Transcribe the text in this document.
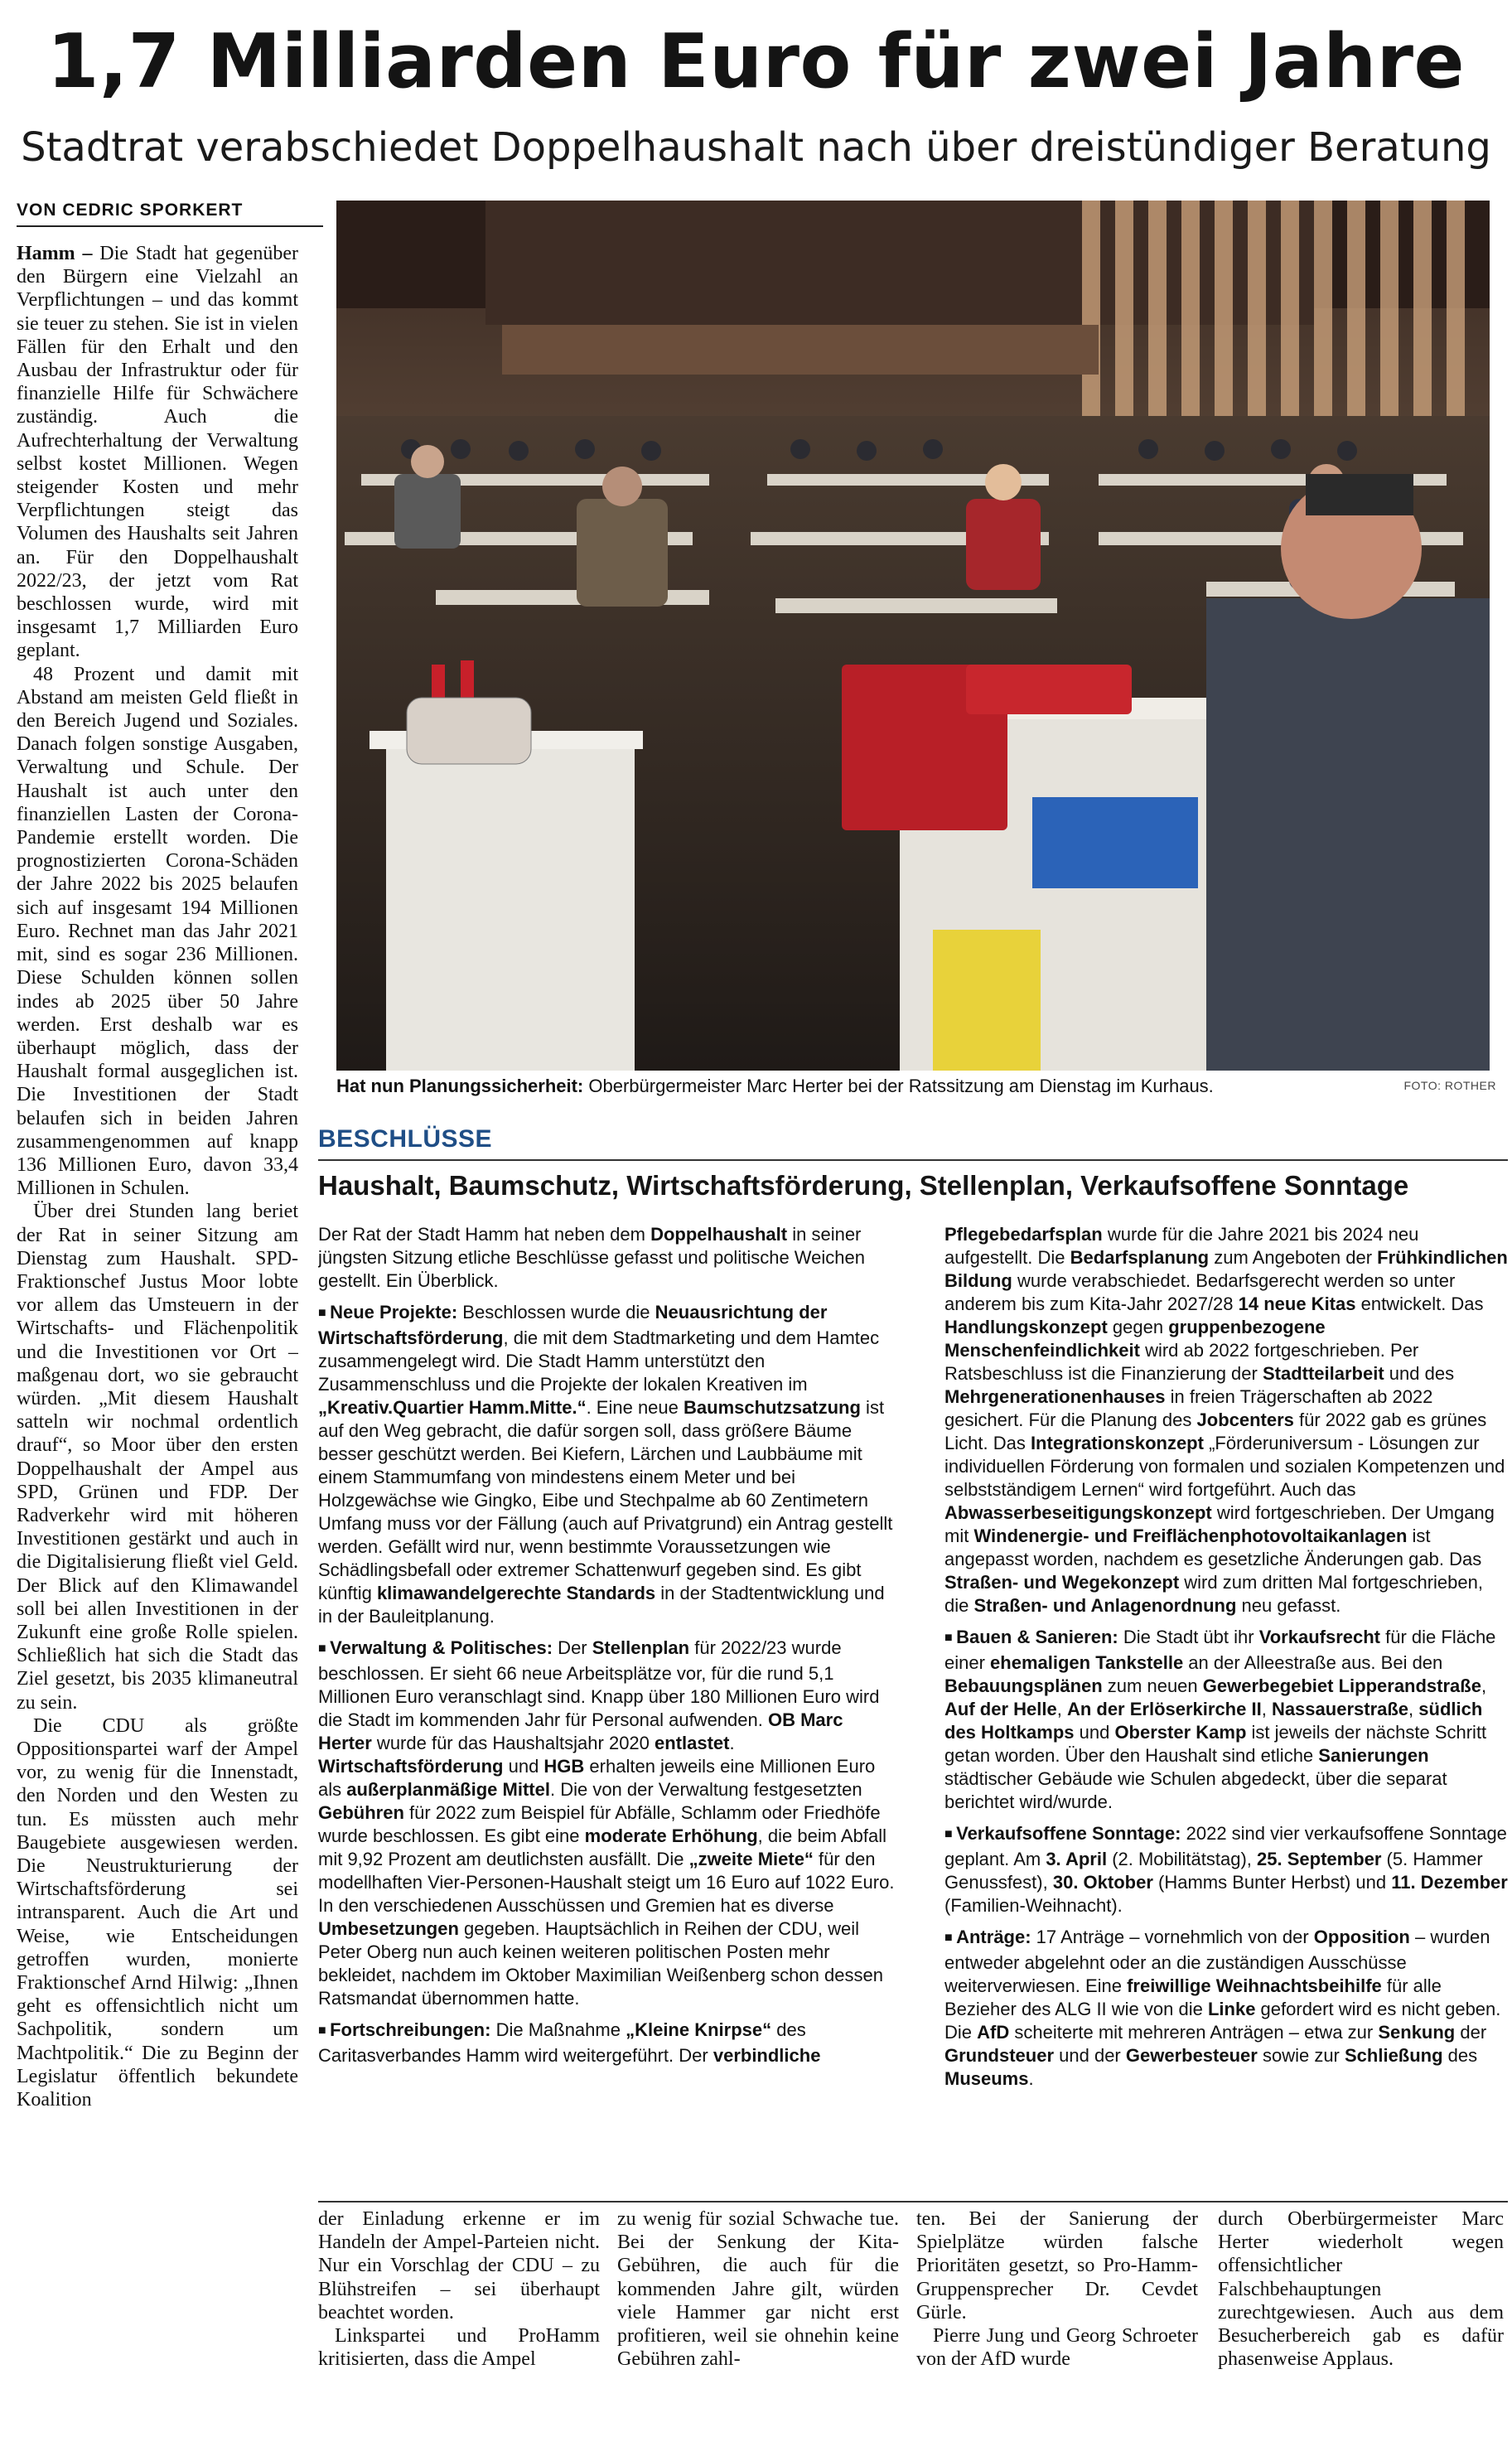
1,7 Milliarden Euro für zwei Jahre
Stadtrat verabschiedet Doppelhaushalt nach über dreistündiger Beratung
VON CEDRIC SPORKERT

Hamm – Die Stadt hat gegenüber den Bürgern eine Vielzahl an Verpflichtungen – und das kommt sie teuer zu stehen. Sie ist in vielen Fällen für den Erhalt und den Ausbau der Infrastruktur oder für finanzielle Hilfe für Schwächere zuständig. Auch die Aufrechterhaltung der Verwaltung selbst kostet Millionen. Wegen steigender Kosten und mehr Verpflichtungen steigt das Volumen des Haushalts seit Jahren an. Für den Doppelhaushalt 2022/23, der jetzt vom Rat beschlossen wurde, wird mit insgesamt 1,7 Milliarden Euro geplant.

48 Prozent und damit mit Abstand am meisten Geld fließt in den Bereich Jugend und Soziales. Danach folgen sonstige Ausgaben, Verwaltung und Schule. Der Haushalt ist auch unter den finanziellen Lasten der Corona-Pandemie erstellt worden. Die prognostizierten Corona-Schäden der Jahre 2022 bis 2025 belaufen sich auf insgesamt 194 Millionen Euro. Rechnet man das Jahr 2021 mit, sind es sogar 236 Millionen. Diese Schulden können sollen indes ab 2025 über 50 Jahre werden. Erst deshalb war es überhaupt möglich, dass der Haushalt formal ausgeglichen ist. Die Investitionen der Stadt belaufen sich in beiden Jahren zusammengenommen auf knapp 136 Millionen Euro, davon 33,4 Millionen in Schulen.

Über drei Stunden lang beriet der Rat in seiner Sitzung am Dienstag zum Haushalt. SPD-Fraktionschef Justus Moor lobte vor allem das Umsteuern in der Wirtschafts- und Flächenpolitik und die Investitionen vor Ort – maßgenau dort, wo sie gebraucht würden. „Mit diesem Haushalt satteln wir nochmal ordentlich drauf“, so Moor über den ersten Doppelhaushalt der Ampel aus SPD, Grünen und FDP. Der Radverkehr wird mit höheren Investitionen gestärkt und auch in die Digitalisierung fließt viel Geld. Der Blick auf den Klimawandel soll bei allen Investitionen in der Zukunft eine große Rolle spielen. Schließlich hat sich die Stadt das Ziel gesetzt, bis 2035 klimaneutral zu sein.

Die CDU als größte Oppositionspartei warf der Ampel vor, zu wenig für die Innenstadt, den Norden und den Westen zu tun. Es müssten auch mehr Baugebiete ausgewiesen werden. Die Neustrukturierung der Wirtschaftsförderung sei intransparent. Auch die Art und Weise, wie Entscheidungen getroffen wurden, monierte Fraktionschef Arnd Hilwig: „Ihnen geht es offensichtlich nicht um Sachpolitik, sondern um Machtpolitik.“ Die zu Beginn der Legislatur öffentlich bekundete Koalition

Hat nun Planungssicherheit: Oberbürgermeister Marc Herter bei der Ratssitzung am Dienstag im Kurhaus.	FOTO: ROTHER
BESCHLÜSSE
Haushalt, Baumschutz, Wirtschaftsförderung, Stellenplan, Verkaufsoffene Sonntage

Der Rat der Stadt Hamm hat neben dem Doppelhaushalt in seiner jüngsten Sitzung etliche Beschlüsse gefasst und politische Weichen gestellt. Ein Überblick.

■ Neue Projekte: Beschlossen wurde die Neuausrichtung der Wirtschaftsförderung, die mit dem Stadtmarketing und dem Hamtec zusammengelegt wird. Die Stadt Hamm unterstützt den Zusammenschluss und die Projekte der lokalen Kreativen im „Kreativ.Quartier Hamm.Mitte.“. Eine neue Baumschutzsatzung ist auf den Weg gebracht, die dafür sorgen soll, dass größere Bäume besser geschützt werden. Bei Kiefern, Lärchen und Laubbäume mit einem Stammumfang von mindestens einem Meter und bei Holzgewächse wie Gingko, Eibe und Stechpalme ab 60 Zentimetern Umfang muss vor der Fällung (auch auf Privatgrund) ein Antrag gestellt werden. Gefällt wird nur, wenn bestimmte Voraussetzungen wie Schädlingsbefall oder extremer Schattenwurf gegeben sind. Es gibt künftig klimawandelgerechte Standards in der Stadtentwicklung und in der Bauleitplanung.

■ Verwaltung & Politisches: Der Stellenplan für 2022/23 wurde beschlossen. Er sieht 66 neue Arbeitsplätze vor, für die rund 5,1 Millionen Euro veranschlagt sind. Knapp über 180 Millionen Euro wird die Stadt im kommenden Jahr für Personal aufwenden. OB Marc Herter wurde für das Haushaltsjahr 2020 entlastet. Wirtschaftsförderung und HGB erhalten jeweils eine Millionen Euro als außerplanmäßige Mittel. Die von der Verwaltung festgesetzten Gebühren für 2022 zum Beispiel für Abfälle, Schlamm oder Friedhöfe wurde beschlossen. Es gibt eine moderate Erhöhung, die beim Abfall mit 9,92 Prozent am deutlichsten ausfällt. Die „zweite Miete“ für den modellhaften Vier-Personen-Haushalt steigt um 16 Euro auf 1022 Euro. In den verschiedenen Ausschüssen und Gremien hat es diverse Umbesetzungen gegeben. Hauptsächlich in Reihen der CDU, weil Peter Oberg nun auch keinen weiteren politischen Posten mehr bekleidet, nachdem im Oktober Maximilian Weißenberg schon dessen Ratsmandat übernommen hatte.

■ Fortschreibungen: Die Maßnahme „Kleine Knirpse“ des Caritasverbandes Hamm wird weitergeführt. Der verbindliche

Pflegebedarfsplan wurde für die Jahre 2021 bis 2024 neu aufgestellt. Die Bedarfsplanung zum Angeboten der Frühkindlichen Bildung wurde verabschiedet. Bedarfsgerecht werden so unter anderem bis zum Kita-Jahr 2027/28 14 neue Kitas entwickelt. Das Handlungskonzept gegen gruppenbezogene Menschenfeindlichkeit wird ab 2022 fortgeschrieben. Per Ratsbeschluss ist die Finanzierung der Stadtteilarbeit und des Mehrgenerationenhauses in freien Trägerschaften ab 2022 gesichert. Für die Planung des Jobcenters für 2022 gab es grünes Licht. Das Integrationskonzept „Förderuniversum - Lösungen zur individuellen Förderung von formalen und sozialen Kompetenzen und selbstständigem Lernen“ wird fortgeführt. Auch das Abwasserbeseitigungskonzept wird fortgeschrieben. Der Umgang mit Windenergie- und Freiflächenphotovoltaikanlagen ist angepasst worden, nachdem es gesetzliche Änderungen gab. Das Straßen- und Wegekonzept wird zum dritten Mal fortgeschrieben, die Straßen- und Anlagenordnung neu gefasst.

■ Bauen & Sanieren: Die Stadt übt ihr Vorkaufsrecht für die Fläche einer ehemaligen Tankstelle an der Alleestraße aus. Bei den Bebauungsplänen zum neuen Gewerbegebiet Lipperandstraße, Auf der Helle, An der Erlöserkirche II, Nassauerstraße, südlich des Holtkamps und Oberster Kamp ist jeweils der nächste Schritt getan worden. Über den Haushalt sind etliche Sanierungen städtischer Gebäude wie Schulen abgedeckt, über die separat berichtet wird/wurde.

■ Verkaufsoffene Sonntage: 2022 sind vier verkaufsoffene Sonntage geplant. Am 3. April (2. Mobilitätstag), 25. September (5. Hammer Genussfest), 30. Oktober (Hamms Bunter Herbst) und 11. Dezember (Familien-Weihnacht).

■ Anträge: 17 Anträge – vornehmlich von der Opposition – wurden entweder abgelehnt oder an die zuständigen Ausschüsse weiterverwiesen. Eine freiwillige Weihnachtsbeihilfe für alle Bezieher des ALG II wie von die Linke gefordert wird es nicht geben. Die AfD scheiterte mit mehreren Anträgen – etwa zur Senkung der Grundsteuer und der Gewerbesteuer sowie zur Schließung des Museums.

der Einladung erkenne er im Handeln der Ampel-Parteien nicht. Nur ein Vorschlag der CDU – zu Blühstreifen – sei überhaupt beachtet worden.

Linkspartei und ProHamm kritisierten, dass die Ampel

zu wenig für sozial Schwache tue. Bei der Senkung der Kita-Gebühren, die auch für die kommenden Jahre gilt, würden viele Hammer gar nicht erst profitieren, weil sie ohnehin keine Gebühren zahl-

ten. Bei der Sanierung der Spielplätze würden falsche Prioritäten gesetzt, so Pro-Hamm-Gruppensprecher Dr. Cevdet Gürle.

Pierre Jung und Georg Schroeter von der AfD wurde

durch Oberbürgermeister Marc Herter wiederholt wegen offensichtlicher Falschbehauptungen zurechtgewiesen. Auch aus dem Besucherbereich gab es dafür phasenweise Applaus.
